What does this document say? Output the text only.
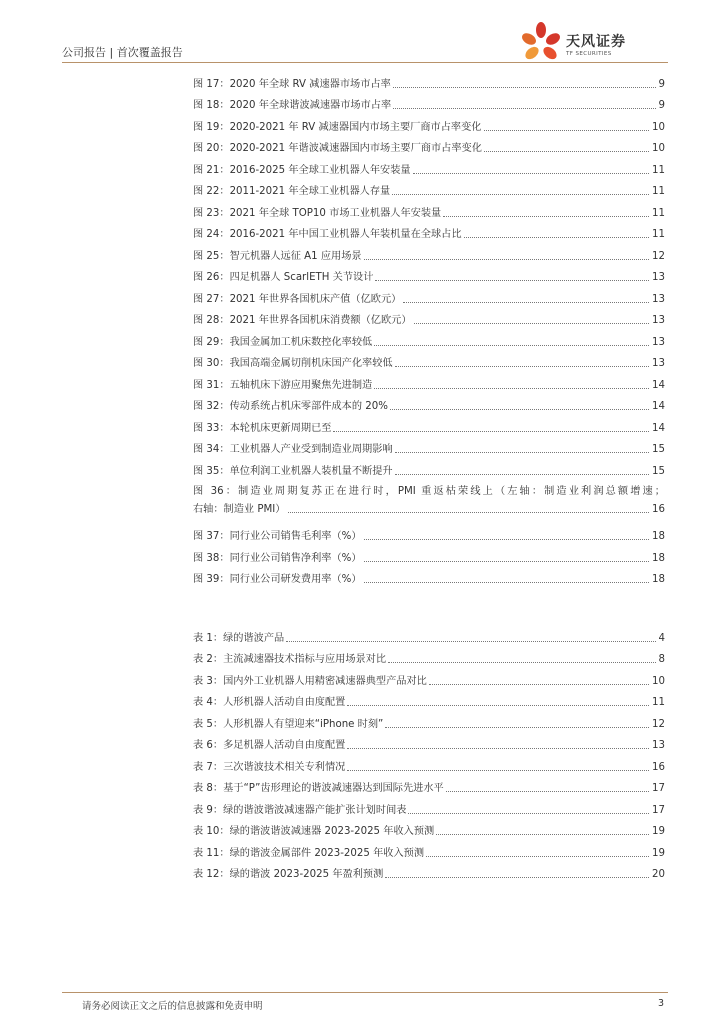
公司报告 | 首次覆盖报告
天风证券
TF SECURITIES
图 17：2020 年全球 RV 减速器市场市占率	9
图 18：2020 年全球谐波减速器市场市占率	9
图 19：2020-2021 年 RV 减速器国内市场主要厂商市占率变化	10
图 20：2020-2021 年谐波减速器国内市场主要厂商市占率变化	10
图 21：2016-2025 年全球工业机器人年安装量	11
图 22：2011-2021 年全球工业机器人存量	11
图 23：2021 年全球 TOP10 市场工业机器人年安装量	11
图 24：2016-2021 年中国工业机器人年装机量在全球占比	11
图 25：智元机器人远征 A1 应用场景	12
图 26：四足机器人 ScarlETH 关节设计	13
图 27：2021 年世界各国机床产值（亿欧元）	13
图 28：2021 年世界各国机床消费额（亿欧元）	13
图 29：我国金属加工机床数控化率较低	13
图 30：我国高端金属切削机床国产化率较低	13
图 31：五轴机床下游应用聚焦先进制造	14
图 32：传动系统占机床零部件成本的 20%	14
图 33：本轮机床更新周期已至	14
图 34：工业机器人产业受到制造业周期影响	15
图 35：单位利润工业机器人装机量不断提升	15
图 36：制造业周期复苏正在进行时，PMI 重返枯荣线上（左轴：制造业利润总额增速；
右轴：制造业 PMI）	16
图 37：同行业公司销售毛利率（%）	18
图 38：同行业公司销售净利率（%）	18
图 39：同行业公司研发费用率（%）	18
表 1：绿的谐波产品	4
表 2：主流减速器技术指标与应用场景对比	8
表 3：国内外工业机器人用精密减速器典型产品对比	10
表 4：人形机器人活动自由度配置	11
表 5：人形机器人有望迎来“iPhone 时刻”	12
表 6：多足机器人活动自由度配置	13
表 7：三次谐波技术相关专利情况	16
表 8：基于“P”齿形理论的谐波减速器达到国际先进水平	17
表 9：绿的谐波谐波减速器产能扩张计划时间表	17
表 10：绿的谐波谐波减速器 2023-2025 年收入预测	19
表 11：绿的谐波金属部件 2023-2025 年收入预测	19
表 12：绿的谐波 2023-2025 年盈利预测	20
请务必阅读正文之后的信息披露和免责申明	3
